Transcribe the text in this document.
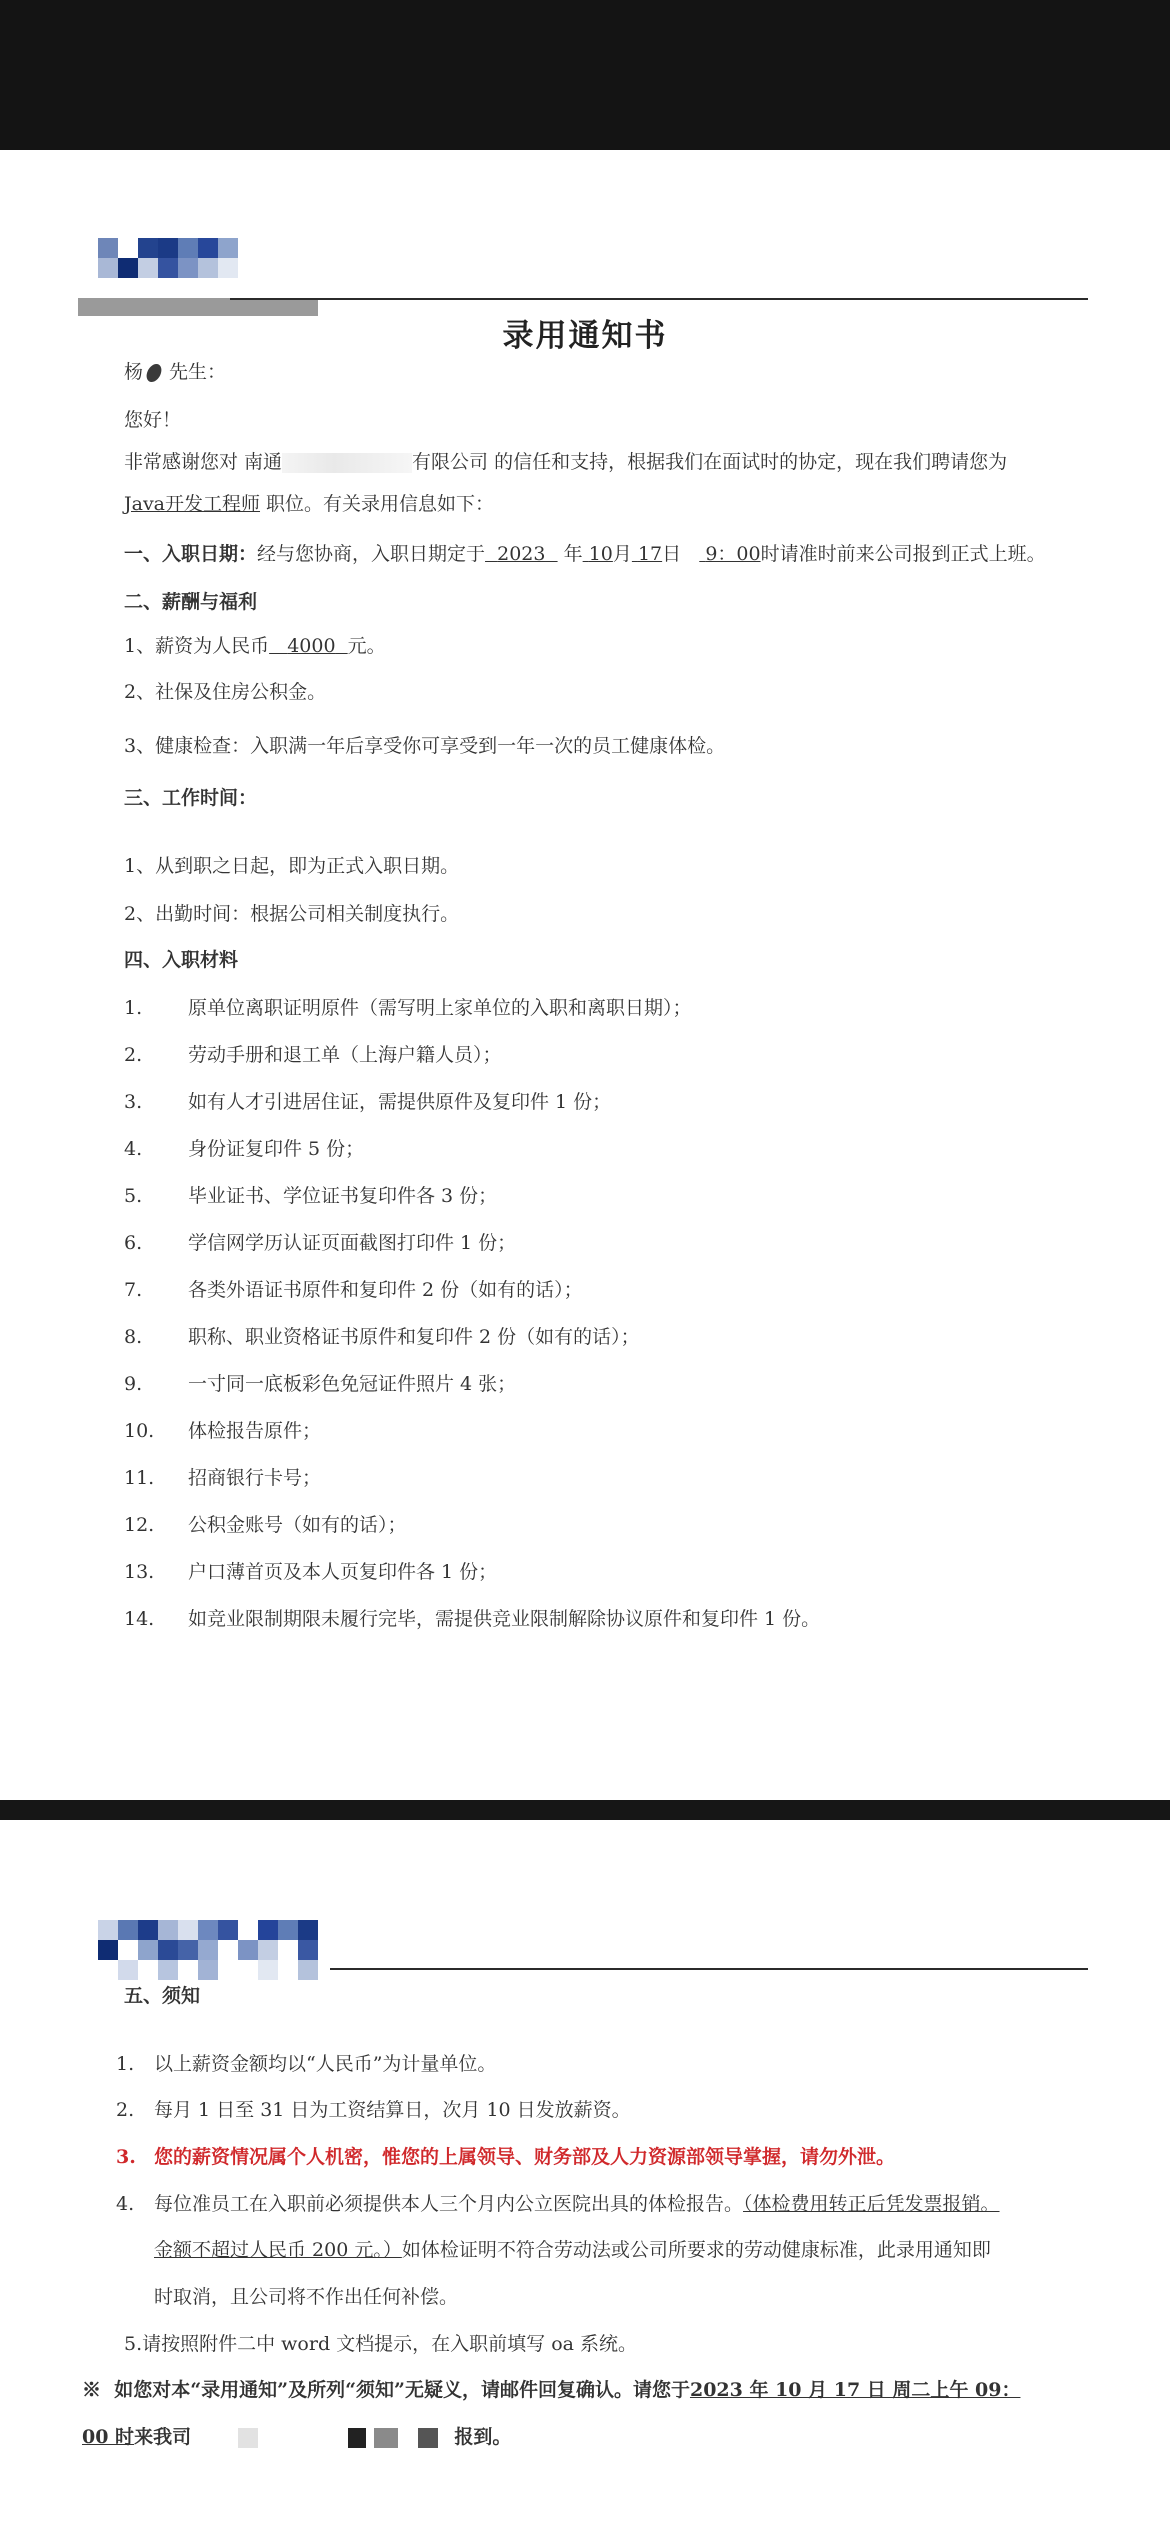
录用通知书
杨 先生：
您好！
非常感谢您对 南通	有限公司 的信任和支持，根据我们在面试时的协定，现在我们聘请您为
Java开发工程师 职位。有关录用信息如下：
一、入职日期：经与您协商，入职日期定于 2023 年 10月 17日 9：00时请准时前来公司报到正式上班。
二、薪酬与福利
1、薪资为人民币 4000 元。
2、社保及住房公积金。
3、健康检查：入职满一年后享受你可享受到一年一次的员工健康体检。
三、工作时间：
1、从到职之日起，即为正式入职日期。
2、出勤时间：根据公司相关制度执行。
四、入职材料
1. 原单位离职证明原件（需写明上家单位的入职和离职日期）；
2. 劳动手册和退工单（上海户籍人员）；
3. 如有人才引进居住证，需提供原件及复印件 1 份；
4. 身份证复印件 5 份；
5. 毕业证书、学位证书复印件各 3 份；
6. 学信网学历认证页面截图打印件 1 份；
7. 各类外语证书原件和复印件 2 份（如有的话）；
8. 职称、职业资格证书原件和复印件 2 份（如有的话）；
9. 一寸同一底板彩色免冠证件照片 4 张；
10. 体检报告原件；
11. 招商银行卡号；
12. 公积金账号（如有的话）；
13. 户口薄首页及本人页复印件各 1 份；
14. 如竞业限制期限未履行完毕，需提供竞业限制解除协议原件和复印件 1 份。
五、须知
1. 以上薪资金额均以“人民币”为计量单位。
2. 每月 1 日至 31 日为工资结算日，次月 10 日发放薪资。
3. 您的薪资情况属个人机密，惟您的上属领导、财务部及人力资源部领导掌握，请勿外泄。
4. 每位准员工在入职前必须提供本人三个月内公立医院出具的体检报告。（体检费用转正后凭发票报销。
金额不超过人民币 200 元。）如体检证明不符合劳动法或公司所要求的劳动健康标准，此录用通知即
时取消，且公司将不作出任何补偿。
5.请按照附件二中 word 文档提示，在入职前填写 oa 系统。
※ 如您对本“录用通知”及所列“须知”无疑义，请邮件回复确认。请您于2023 年 10 月 17 日 周二上午 09：
00 时来我司	报到。
